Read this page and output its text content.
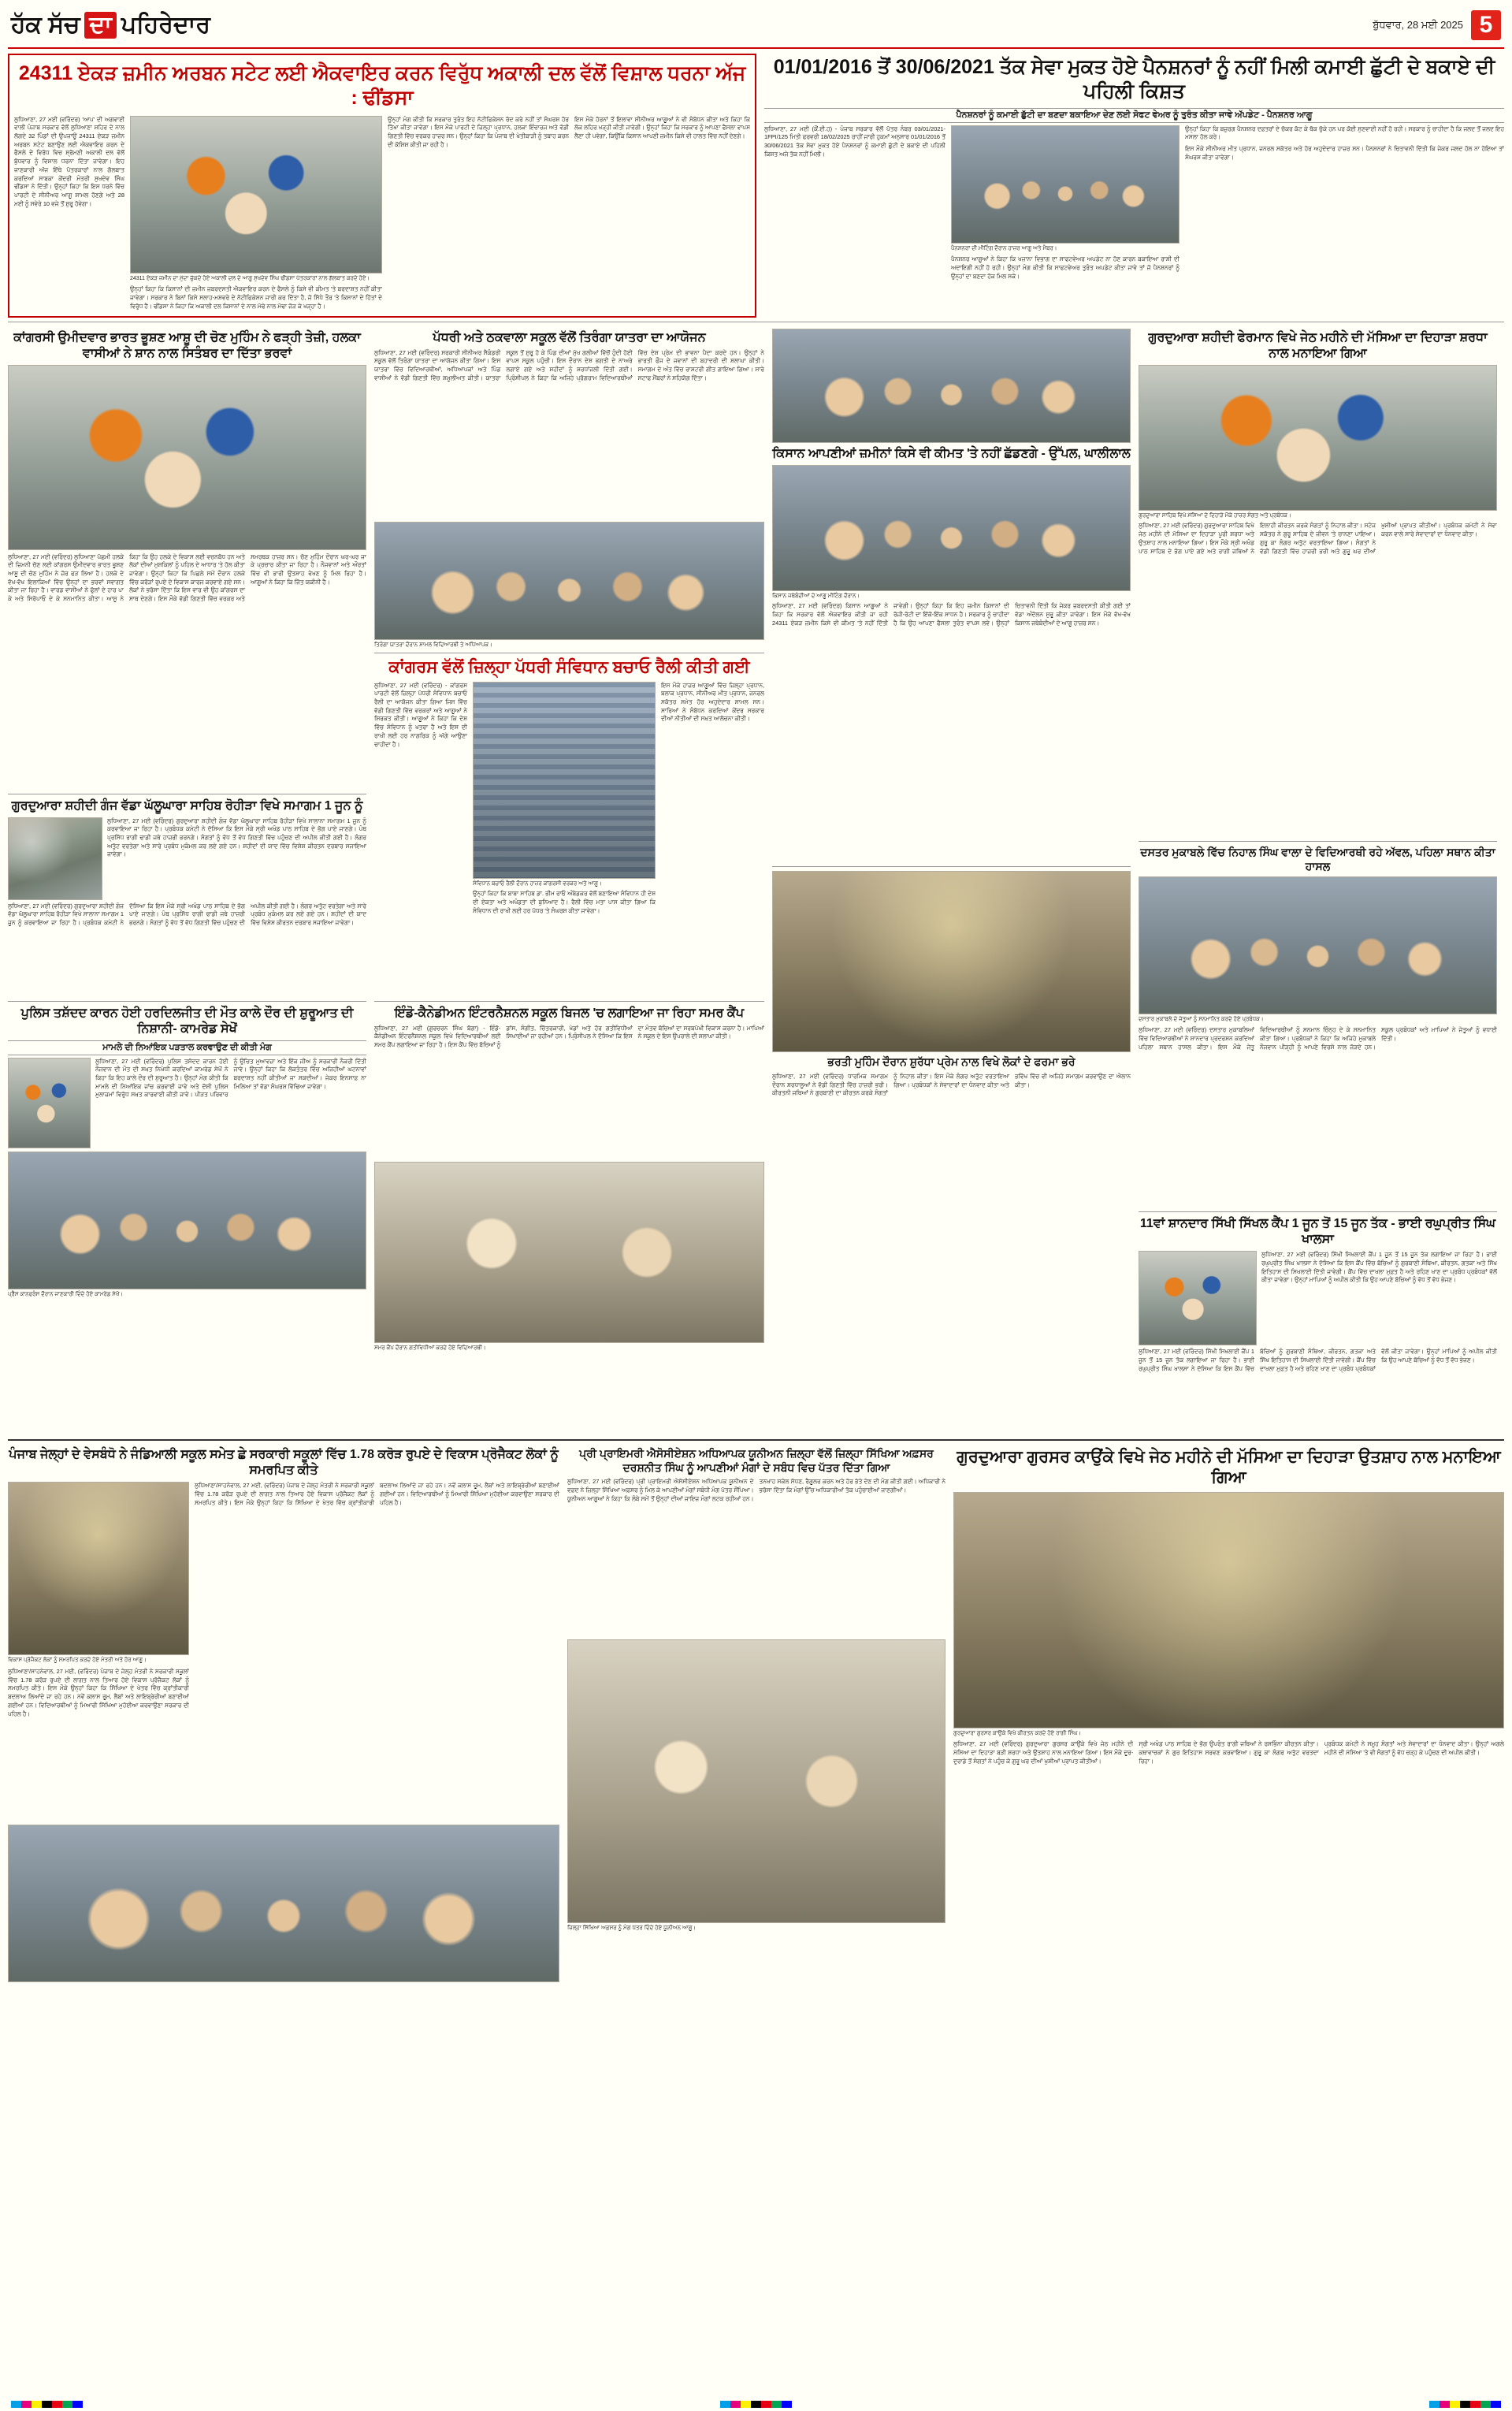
ਹੱਕ ਸੱਚ ਦਾ ਪਹਿਰੇਦਾਰ	ਬੁੱਧਵਾਰ, 28 ਮਈ 2025 5
24311 ਏਕੜ ਜ਼ਮੀਨ ਅਰਬਨ ਸਟੇਟ ਲਈ ਐਕਵਾਇਰ ਕਰਨ ਵਿਰੁੱਧ ਅਕਾਲੀ ਦਲ ਵੱਲੋਂ ਵਿਸ਼ਾਲ ਧਰਨਾ ਅੱਜ : ਢੀਂਡਸਾ
ਲੁਧਿਆਣਾ, 27 ਮਈ (ਵਰਿੰਦਰ) 'ਆਪ' ਦੀ ਅਗਵਾਈ ਵਾਲੀ ਪੰਜਾਬ ਸਰਕਾਰ ਵੱਲੋਂ ਲੁਧਿਆਣਾ ਸ਼ਹਿਰ ਦੇ ਨਾਲ ਲੱਗਦੇ 32 ਪਿੰਡਾਂ ਦੀ ਉਪਜਾਊ 24311 ਏਕੜ ਜ਼ਮੀਨ ਅਰਬਨ ਸਟੇਟ ਬਣਾਉਣ ਲਈ ਐਕਵਾਇਰ ਕਰਨ ਦੇ ਫੈਸਲੇ ਦੇ ਵਿਰੋਧ ਵਿਚ ਸ਼੍ਰੋਮਣੀ ਅਕਾਲੀ ਦਲ ਵੱਲੋਂ ਬੁੱਧਵਾਰ ਨੂੰ ਵਿਸ਼ਾਲ ਧਰਨਾ ਦਿੱਤਾ ਜਾਵੇਗਾ। ਇਹ ਜਾਣਕਾਰੀ ਅੱਜ ਇੱਥੇ ਪੱਤਰਕਾਰਾਂ ਨਾਲ ਗੱਲਬਾਤ ਕਰਦਿਆਂ ਸਾਬਕਾ ਕੇਂਦਰੀ ਮੰਤਰੀ ਸੁਖਦੇਵ ਸਿੰਘ ਢੀਂਡਸਾ ਨੇ ਦਿੱਤੀ। ਉਨ੍ਹਾਂ ਕਿਹਾ ਕਿ ਇਸ ਧਰਨੇ ਵਿੱਚ ਪਾਰਟੀ ਦੇ ਸੀਨੀਅਰ ਆਗੂ ਸ਼ਾਮਲ ਹੋਣਗੇ ਅਤੇ 28 ਮਈ ਨੂੰ ਸਵੇਰੇ 10 ਵਜੇ ਤੋਂ ਸ਼ੁਰੂ ਹੋਵੇਗਾ।
24311 ਏਕੜ ਜ਼ਮੀਨ ਦਾ ਮੁੱਦਾ ਚੁੱਕਦੇ ਹੋਏ ਅਕਾਲੀ ਦਲ ਦੇ ਆਗੂ ਸੁਖਦੇਵ ਸਿੰਘ ਢੀਂਡਸਾ ਪੱਤਰਕਾਰਾਂ ਨਾਲ ਗੱਲਬਾਤ ਕਰਦੇ ਹੋਏ।
ਉਨ੍ਹਾਂ ਕਿਹਾ ਕਿ ਕਿਸਾਨਾਂ ਦੀ ਜ਼ਮੀਨ ਜ਼ਬਰਦਸਤੀ ਐਕਵਾਇਰ ਕਰਨ ਦੇ ਫੈਸਲੇ ਨੂੰ ਕਿਸੇ ਵੀ ਕੀਮਤ 'ਤੇ ਬਰਦਾਸ਼ਤ ਨਹੀਂ ਕੀਤਾ ਜਾਵੇਗਾ। ਸਰਕਾਰ ਨੇ ਬਿਨਾਂ ਕਿਸੇ ਸਲਾਹ-ਮਸ਼ਵਰੇ ਦੇ ਨੋਟੀਫਿਕੇਸ਼ਨ ਜਾਰੀ ਕਰ ਦਿੱਤਾ ਹੈ, ਜੋ ਸਿੱਧੇ ਤੌਰ 'ਤੇ ਕਿਸਾਨਾਂ ਦੇ ਹਿੱਤਾਂ ਦੇ ਵਿਰੁੱਧ ਹੈ। ਢੀਂਡਸਾ ਨੇ ਕਿਹਾ ਕਿ ਅਕਾਲੀ ਦਲ ਕਿਸਾਨਾਂ ਦੇ ਨਾਲ ਮੋਢੇ ਨਾਲ ਮੋਢਾ ਜੋੜ ਕੇ ਖੜ੍ਹਾ ਹੈ।
ਉਨ੍ਹਾਂ ਮੰਗ ਕੀਤੀ ਕਿ ਸਰਕਾਰ ਤੁਰੰਤ ਇਹ ਨੋਟੀਫਿਕੇਸ਼ਨ ਰੱਦ ਕਰੇ ਨਹੀਂ ਤਾਂ ਸੰਘਰਸ਼ ਹੋਰ ਤਿੱਖਾ ਕੀਤਾ ਜਾਵੇਗਾ। ਇਸ ਮੌਕੇ ਪਾਰਟੀ ਦੇ ਜ਼ਿਲ੍ਹਾ ਪ੍ਰਧਾਨ, ਹਲਕਾ ਇੰਚਾਰਜ ਅਤੇ ਵੱਡੀ ਗਿਣਤੀ ਵਿੱਚ ਵਰਕਰ ਹਾਜ਼ਰ ਸਨ। ਉਨ੍ਹਾਂ ਕਿਹਾ ਕਿ ਪੰਜਾਬ ਦੀ ਖੇਤੀਬਾੜੀ ਨੂੰ ਤਬਾਹ ਕਰਨ ਦੀ ਕੋਸ਼ਿਸ਼ ਕੀਤੀ ਜਾ ਰਹੀ ਹੈ।
ਇਸ ਮੌਕੇ ਹੋਰਨਾਂ ਤੋਂ ਇਲਾਵਾ ਸੀਨੀਅਰ ਆਗੂਆਂ ਨੇ ਵੀ ਸੰਬੋਧਨ ਕੀਤਾ ਅਤੇ ਕਿਹਾ ਕਿ ਲੋਕ ਲਹਿਰ ਖੜ੍ਹੀ ਕੀਤੀ ਜਾਵੇਗੀ। ਉਨ੍ਹਾਂ ਕਿਹਾ ਕਿ ਸਰਕਾਰ ਨੂੰ ਆਪਣਾ ਫੈਸਲਾ ਵਾਪਸ ਲੈਣਾ ਹੀ ਪਵੇਗਾ, ਕਿਉਂਕਿ ਕਿਸਾਨ ਆਪਣੀ ਜ਼ਮੀਨ ਕਿਸੇ ਵੀ ਹਾਲਤ ਵਿੱਚ ਨਹੀਂ ਦੇਣਗੇ।
01/01/2016 ਤੋਂ 30/06/2021 ਤੱਕ ਸੇਵਾ ਮੁਕਤ ਹੋਏ ਪੈਨਸ਼ਨਰਾਂ ਨੂੰ ਨਹੀਂ ਮਿਲੀ ਕਮਾਈ ਛੁੱਟੀ ਦੇ ਬਕਾਏ ਦੀ ਪਹਿਲੀ ਕਿਸ਼ਤ
ਪੈਨਸ਼ਨਰਾਂ ਨੂੰ ਕਮਾਈ ਛੁੱਟੀ ਦਾ ਬਣਦਾ ਬਕਾਇਆ ਦੇਣ ਲਈ ਸੋਫਟ ਵੇਅਰ ਨੂੰ ਤੁਰੰਤ ਕੀਤਾ ਜਾਵੇ ਅੱਪਡੇਟ - ਪੈਨਸ਼ਨਰ ਆਗੂ
ਲੁਧਿਆਣਾ, 27 ਮਈ (ਕੌਂ.ਈ.ਹ) - ਪੰਜਾਬ ਸਰਕਾਰ ਵੱਲੋਂ ਪੱਤਰ ਨੰਬਰ 03/01/2021-1FPI/125 ਮਿਤੀ ਫਰਵਰੀ 18/02/2025 ਰਾਹੀਂ ਜਾਰੀ ਹੁਕਮਾਂ ਅਨੁਸਾਰ 01/01/2016 ਤੋਂ 30/06/2021 ਤੱਕ ਸੇਵਾ ਮੁਕਤ ਹੋਏ ਪੈਨਸ਼ਨਰਾਂ ਨੂੰ ਕਮਾਈ ਛੁੱਟੀ ਦੇ ਬਕਾਏ ਦੀ ਪਹਿਲੀ ਕਿਸ਼ਤ ਅਜੇ ਤੱਕ ਨਹੀਂ ਮਿਲੀ।
ਪੈਨਸ਼ਨਰਾਂ ਦੀ ਮੀਟਿੰਗ ਦੌਰਾਨ ਹਾਜ਼ਰ ਆਗੂ ਅਤੇ ਮੈਂਬਰ।
ਪੈਨਸ਼ਨਰ ਆਗੂਆਂ ਨੇ ਕਿਹਾ ਕਿ ਖਜ਼ਾਨਾ ਵਿਭਾਗ ਦਾ ਸਾਫਟਵੇਅਰ ਅਪਡੇਟ ਨਾ ਹੋਣ ਕਾਰਨ ਬਕਾਇਆ ਰਾਸ਼ੀ ਦੀ ਅਦਾਇਗੀ ਨਹੀਂ ਹੋ ਰਹੀ। ਉਨ੍ਹਾਂ ਮੰਗ ਕੀਤੀ ਕਿ ਸਾਫਟਵੇਅਰ ਤੁਰੰਤ ਅਪਡੇਟ ਕੀਤਾ ਜਾਵੇ ਤਾਂ ਜੋ ਪੈਨਸ਼ਨਰਾਂ ਨੂੰ ਉਨ੍ਹਾਂ ਦਾ ਬਣਦਾ ਹੱਕ ਮਿਲ ਸਕੇ।
ਉਨ੍ਹਾਂ ਕਿਹਾ ਕਿ ਬਜ਼ੁਰਗ ਪੈਨਸ਼ਨਰ ਦਫ਼ਤਰਾਂ ਦੇ ਚੱਕਰ ਕੱਟ ਕੇ ਥੱਕ ਚੁੱਕੇ ਹਨ ਪਰ ਕੋਈ ਸੁਣਵਾਈ ਨਹੀਂ ਹੋ ਰਹੀ। ਸਰਕਾਰ ਨੂੰ ਚਾਹੀਦਾ ਹੈ ਕਿ ਜਲਦ ਤੋਂ ਜਲਦ ਇਹ ਮਸਲਾ ਹੱਲ ਕਰੇ।
ਇਸ ਮੌਕੇ ਸੀਨੀਅਰ ਮੀਤ ਪ੍ਰਧਾਨ, ਜਨਰਲ ਸਕੱਤਰ ਅਤੇ ਹੋਰ ਅਹੁਦੇਦਾਰ ਹਾਜ਼ਰ ਸਨ। ਪੈਨਸ਼ਨਰਾਂ ਨੇ ਚਿਤਾਵਨੀ ਦਿੱਤੀ ਕਿ ਜੇਕਰ ਜਲਦ ਹੱਲ ਨਾ ਹੋਇਆ ਤਾਂ ਸੰਘਰਸ਼ ਕੀਤਾ ਜਾਵੇਗਾ।
ਕਾਂਗਰਸੀ ਉਮੀਦਵਾਰ ਭਾਰਤ ਭੂਸ਼ਣ ਆਸ਼ੂ ਦੀ ਚੋਣ ਮੁਹਿੰਮ ਨੇ ਫੜ੍ਹੀ ਤੇਜ਼ੀ, ਹਲਕਾ ਵਾਸੀਆਂ ਨੇ ਸ਼ਾਨ ਨਾਲ ਸਿਤੰਬਰ ਦਾ ਦਿੱਤਾ ਭਰਵਾਂ
ਲੁਧਿਆਣਾ, 27 ਮਈ (ਵਰਿੰਦਰ) ਲੁਧਿਆਣਾ ਪੱਛਮੀ ਹਲਕੇ ਦੀ ਜ਼ਿਮਨੀ ਚੋਣ ਲਈ ਕਾਂਗਰਸ ਉਮੀਦਵਾਰ ਭਾਰਤ ਭੂਸ਼ਣ ਆਸ਼ੂ ਦੀ ਚੋਣ ਮੁਹਿੰਮ ਨੇ ਜ਼ੋਰ ਫੜ ਲਿਆ ਹੈ। ਹਲਕੇ ਦੇ ਵੱਖ-ਵੱਖ ਇਲਾਕਿਆਂ ਵਿੱਚ ਉਨ੍ਹਾਂ ਦਾ ਭਰਵਾਂ ਸਵਾਗਤ ਕੀਤਾ ਜਾ ਰਿਹਾ ਹੈ। ਵਾਰਡ ਵਾਸੀਆਂ ਨੇ ਫੁੱਲਾਂ ਦੇ ਹਾਰ ਪਾ ਕੇ ਅਤੇ ਸਿਰੋਪਾਓ ਦੇ ਕੇ ਸਨਮਾਨਿਤ ਕੀਤਾ। ਆਸ਼ੂ ਨੇ ਕਿਹਾ ਕਿ ਉਹ ਹਲਕੇ ਦੇ ਵਿਕਾਸ ਲਈ ਵਚਨਬੱਧ ਹਨ ਅਤੇ ਲੋਕਾਂ ਦੀਆਂ ਮੁਸ਼ਕਿਲਾਂ ਨੂੰ ਪਹਿਲ ਦੇ ਆਧਾਰ 'ਤੇ ਹੱਲ ਕੀਤਾ ਜਾਵੇਗਾ। ਉਨ੍ਹਾਂ ਕਿਹਾ ਕਿ ਪਿਛਲੇ ਸਮੇਂ ਦੌਰਾਨ ਹਲਕੇ ਵਿੱਚ ਕਰੋੜਾਂ ਰੁਪਏ ਦੇ ਵਿਕਾਸ ਕਾਰਜ ਕਰਵਾਏ ਗਏ ਸਨ। ਲੋਕਾਂ ਨੇ ਭਰੋਸਾ ਦਿੱਤਾ ਕਿ ਇਸ ਵਾਰ ਵੀ ਉਹ ਕਾਂਗਰਸ ਦਾ ਸਾਥ ਦੇਣਗੇ। ਇਸ ਮੌਕੇ ਵੱਡੀ ਗਿਣਤੀ ਵਿੱਚ ਵਰਕਰ ਅਤੇ ਸਮਰਥਕ ਹਾਜ਼ਰ ਸਨ। ਚੋਣ ਮੁਹਿੰਮ ਦੌਰਾਨ ਘਰ-ਘਰ ਜਾ ਕੇ ਪ੍ਰਚਾਰ ਕੀਤਾ ਜਾ ਰਿਹਾ ਹੈ। ਨੌਜਵਾਨਾਂ ਅਤੇ ਔਰਤਾਂ ਵਿੱਚ ਵੀ ਭਾਰੀ ਉਤਸ਼ਾਹ ਵੇਖਣ ਨੂੰ ਮਿਲ ਰਿਹਾ ਹੈ। ਆਗੂਆਂ ਨੇ ਕਿਹਾ ਕਿ ਜਿੱਤ ਯਕੀਨੀ ਹੈ।
ਗੁਰਦੁਆਰਾ ਸ਼ਹੀਦੀ ਗੰਜ ਵੱਡਾ ਘੱਲੂਘਾਰਾ ਸਾਹਿਬ ਰੋਹੀੜਾ ਵਿਖੇ ਸਮਾਗਮ 1 ਜੂਨ ਨੂੰ
ਲੁਧਿਆਣਾ, 27 ਮਈ (ਵਰਿੰਦਰ) ਗੁਰਦੁਆਰਾ ਸ਼ਹੀਦੀ ਗੰਜ ਵੱਡਾ ਘੱਲੂਘਾਰਾ ਸਾਹਿਬ ਰੋਹੀੜਾ ਵਿਖੇ ਸਾਲਾਨਾ ਸਮਾਗਮ 1 ਜੂਨ ਨੂੰ ਕਰਵਾਇਆ ਜਾ ਰਿਹਾ ਹੈ। ਪ੍ਰਬੰਧਕ ਕਮੇਟੀ ਨੇ ਦੱਸਿਆ ਕਿ ਇਸ ਮੌਕੇ ਸ੍ਰੀ ਅਖੰਡ ਪਾਠ ਸਾਹਿਬ ਦੇ ਭੋਗ ਪਾਏ ਜਾਣਗੇ। ਪੰਥ ਪ੍ਰਸਿੱਧ ਰਾਗੀ ਢਾਡੀ ਜਥੇ ਹਾਜ਼ਰੀ ਭਰਨਗੇ। ਸੰਗਤਾਂ ਨੂੰ ਵੱਧ ਤੋਂ ਵੱਧ ਗਿਣਤੀ ਵਿੱਚ ਪਹੁੰਚਣ ਦੀ ਅਪੀਲ ਕੀਤੀ ਗਈ ਹੈ। ਲੰਗਰ ਅਤੁੱਟ ਵਰਤੇਗਾ ਅਤੇ ਸਾਰੇ ਪ੍ਰਬੰਧ ਮੁਕੰਮਲ ਕਰ ਲਏ ਗਏ ਹਨ। ਸ਼ਹੀਦਾਂ ਦੀ ਯਾਦ ਵਿੱਚ ਵਿਸ਼ੇਸ਼ ਕੀਰਤਨ ਦਰਬਾਰ ਸਜਾਇਆ ਜਾਵੇਗਾ।
ਲੁਧਿਆਣਾ, 27 ਮਈ (ਵਰਿੰਦਰ) ਗੁਰਦੁਆਰਾ ਸ਼ਹੀਦੀ ਗੰਜ ਵੱਡਾ ਘੱਲੂਘਾਰਾ ਸਾਹਿਬ ਰੋਹੀੜਾ ਵਿਖੇ ਸਾਲਾਨਾ ਸਮਾਗਮ 1 ਜੂਨ ਨੂੰ ਕਰਵਾਇਆ ਜਾ ਰਿਹਾ ਹੈ। ਪ੍ਰਬੰਧਕ ਕਮੇਟੀ ਨੇ ਦੱਸਿਆ ਕਿ ਇਸ ਮੌਕੇ ਸ੍ਰੀ ਅਖੰਡ ਪਾਠ ਸਾਹਿਬ ਦੇ ਭੋਗ ਪਾਏ ਜਾਣਗੇ। ਪੰਥ ਪ੍ਰਸਿੱਧ ਰਾਗੀ ਢਾਡੀ ਜਥੇ ਹਾਜ਼ਰੀ ਭਰਨਗੇ। ਸੰਗਤਾਂ ਨੂੰ ਵੱਧ ਤੋਂ ਵੱਧ ਗਿਣਤੀ ਵਿੱਚ ਪਹੁੰਚਣ ਦੀ ਅਪੀਲ ਕੀਤੀ ਗਈ ਹੈ। ਲੰਗਰ ਅਤੁੱਟ ਵਰਤੇਗਾ ਅਤੇ ਸਾਰੇ ਪ੍ਰਬੰਧ ਮੁਕੰਮਲ ਕਰ ਲਏ ਗਏ ਹਨ। ਸ਼ਹੀਦਾਂ ਦੀ ਯਾਦ ਵਿੱਚ ਵਿਸ਼ੇਸ਼ ਕੀਰਤਨ ਦਰਬਾਰ ਸਜਾਇਆ ਜਾਵੇਗਾ।
ਪੁਲਿਸ ਤਸ਼ੱਦਦ ਕਾਰਨ ਹੋਈ ਹਰਦਿਲਜੀਤ ਦੀ ਮੌਤ ਕਾਲੇ ਦੌਰ ਦੀ ਸ਼ੁਰੂਆਤ ਦੀ ਨਿਸ਼ਾਨੀ- ਕਾਮਰੇਡ ਸੇਖੋਂ
ਮਾਮਲੇ ਦੀ ਨਿਆਂਇਕ ਪੜਤਾਲ ਕਰਵਾਉਣ ਦੀ ਕੀਤੀ ਮੰਗ
ਲੁਧਿਆਣਾ, 27 ਮਈ (ਵਰਿੰਦਰ) ਪੁਲਿਸ ਤਸ਼ੱਦਦ ਕਾਰਨ ਹੋਈ ਨੌਜਵਾਨ ਦੀ ਮੌਤ ਦੀ ਸਖ਼ਤ ਨਿਖੇਧੀ ਕਰਦਿਆਂ ਕਾਮਰੇਡ ਸੇਖੋਂ ਨੇ ਕਿਹਾ ਕਿ ਇਹ ਕਾਲੇ ਦੌਰ ਦੀ ਸ਼ੁਰੂਆਤ ਹੈ। ਉਨ੍ਹਾਂ ਮੰਗ ਕੀਤੀ ਕਿ ਮਾਮਲੇ ਦੀ ਨਿਆਂਇਕ ਜਾਂਚ ਕਰਵਾਈ ਜਾਵੇ ਅਤੇ ਦੋਸ਼ੀ ਪੁਲਿਸ ਮੁਲਾਜ਼ਮਾਂ ਵਿਰੁੱਧ ਸਖ਼ਤ ਕਾਰਵਾਈ ਕੀਤੀ ਜਾਵੇ। ਪੀੜਤ ਪਰਿਵਾਰ ਨੂੰ ਉਚਿਤ ਮੁਆਵਜ਼ਾ ਅਤੇ ਇੱਕ ਜੀਅ ਨੂੰ ਸਰਕਾਰੀ ਨੌਕਰੀ ਦਿੱਤੀ ਜਾਵੇ। ਉਨ੍ਹਾਂ ਕਿਹਾ ਕਿ ਲੋਕਤੰਤਰ ਵਿੱਚ ਅਜਿਹੀਆਂ ਘਟਨਾਵਾਂ ਬਰਦਾਸ਼ਤ ਨਹੀਂ ਕੀਤੀਆਂ ਜਾ ਸਕਦੀਆਂ। ਜੇਕਰ ਇਨਸਾਫ਼ ਨਾ ਮਿਲਿਆ ਤਾਂ ਵੱਡਾ ਸੰਘਰਸ਼ ਵਿੱਢਿਆ ਜਾਵੇਗਾ।
ਪ੍ਰੈੱਸ ਕਾਨਫਰੰਸ ਦੌਰਾਨ ਜਾਣਕਾਰੀ ਦਿੰਦੇ ਹੋਏ ਕਾਮਰੇਡ ਸੇਖੋਂ।
ਪੱਧਰੀ ਅਤੇ ਠਕਵਾਲਾ ਸਕੂਲ ਵੱਲੋਂ ਤਿਰੰਗਾ ਯਾਤਰਾ ਦਾ ਆਯੋਜਨ
ਲੁਧਿਆਣਾ, 27 ਮਈ (ਵਰਿੰਦਰ) ਸਰਕਾਰੀ ਸੀਨੀਅਰ ਸੈਕੰਡਰੀ ਸਕੂਲ ਵੱਲੋਂ ਤਿਰੰਗਾ ਯਾਤਰਾ ਦਾ ਆਯੋਜਨ ਕੀਤਾ ਗਿਆ। ਇਸ ਯਾਤਰਾ ਵਿੱਚ ਵਿਦਿਆਰਥੀਆਂ, ਅਧਿਆਪਕਾਂ ਅਤੇ ਪਿੰਡ ਵਾਸੀਆਂ ਨੇ ਵੱਡੀ ਗਿਣਤੀ ਵਿੱਚ ਸ਼ਮੂਲੀਅਤ ਕੀਤੀ। ਯਾਤਰਾ ਸਕੂਲ ਤੋਂ ਸ਼ੁਰੂ ਹੋ ਕੇ ਪਿੰਡ ਦੀਆਂ ਮੁੱਖ ਗਲੀਆਂ ਵਿੱਚੋਂ ਹੁੰਦੀ ਹੋਈ ਵਾਪਸ ਸਕੂਲ ਪਹੁੰਚੀ। ਇਸ ਦੌਰਾਨ ਦੇਸ਼ ਭਗਤੀ ਦੇ ਨਾਅਰੇ ਲਗਾਏ ਗਏ ਅਤੇ ਸ਼ਹੀਦਾਂ ਨੂੰ ਸ਼ਰਧਾਂਜਲੀ ਦਿੱਤੀ ਗਈ। ਪ੍ਰਿੰਸੀਪਲ ਨੇ ਕਿਹਾ ਕਿ ਅਜਿਹੇ ਪ੍ਰੋਗਰਾਮ ਵਿਦਿਆਰਥੀਆਂ ਵਿੱਚ ਦੇਸ਼ ਪ੍ਰੇਮ ਦੀ ਭਾਵਨਾ ਪੈਦਾ ਕਰਦੇ ਹਨ। ਉਨ੍ਹਾਂ ਨੇ ਭਾਰਤੀ ਫੌਜ ਦੇ ਜਵਾਨਾਂ ਦੀ ਬਹਾਦਰੀ ਦੀ ਸ਼ਲਾਘਾ ਕੀਤੀ। ਸਮਾਗਮ ਦੇ ਅੰਤ ਵਿੱਚ ਰਾਸ਼ਟਰੀ ਗੀਤ ਗਾਇਆ ਗਿਆ। ਸਾਰੇ ਸਟਾਫ ਮੈਂਬਰਾਂ ਨੇ ਸਹਿਯੋਗ ਦਿੱਤਾ।
ਤਿਰੰਗਾ ਯਾਤਰਾ ਦੌਰਾਨ ਸ਼ਾਮਲ ਵਿਦਿਆਰਥੀ ਤੇ ਅਧਿਆਪਕ।
ਕਾਂਗਰਸ ਵੱਲੋਂ ਜ਼ਿਲ੍ਹਾ ਪੱਧਰੀ ਸੰਵਿਧਾਨ ਬਚਾਓ ਰੈਲੀ ਕੀਤੀ ਗਈ
ਲੁਧਿਆਣਾ, 27 ਮਈ (ਵਰਿੰਦਰ) - ਕਾਂਗਰਸ ਪਾਰਟੀ ਵੱਲੋਂ ਜ਼ਿਲ੍ਹਾ ਪੱਧਰੀ ਸੰਵਿਧਾਨ ਬਚਾਓ ਰੈਲੀ ਦਾ ਆਯੋਜਨ ਕੀਤਾ ਗਿਆ ਜਿਸ ਵਿੱਚ ਵੱਡੀ ਗਿਣਤੀ ਵਿੱਚ ਵਰਕਰਾਂ ਅਤੇ ਆਗੂਆਂ ਨੇ ਸ਼ਿਰਕਤ ਕੀਤੀ। ਆਗੂਆਂ ਨੇ ਕਿਹਾ ਕਿ ਦੇਸ਼ ਵਿੱਚ ਸੰਵਿਧਾਨ ਨੂੰ ਖਤਰਾ ਹੈ ਅਤੇ ਇਸ ਦੀ ਰਾਖੀ ਲਈ ਹਰ ਨਾਗਰਿਕ ਨੂੰ ਅੱਗੇ ਆਉਣਾ ਚਾਹੀਦਾ ਹੈ।
ਸੰਵਿਧਾਨ ਬਚਾਓ ਰੈਲੀ ਦੌਰਾਨ ਹਾਜ਼ਰ ਕਾਂਗਰਸੀ ਵਰਕਰ ਅਤੇ ਆਗੂ।
ਉਨ੍ਹਾਂ ਕਿਹਾ ਕਿ ਬਾਬਾ ਸਾਹਿਬ ਡਾ. ਭੀਮ ਰਾਓ ਅੰਬੇਡਕਰ ਵੱਲੋਂ ਬਣਾਇਆ ਸੰਵਿਧਾਨ ਹੀ ਦੇਸ਼ ਦੀ ਏਕਤਾ ਅਤੇ ਅਖੰਡਤਾ ਦੀ ਬੁਨਿਆਦ ਹੈ। ਰੈਲੀ ਵਿੱਚ ਮਤਾ ਪਾਸ ਕੀਤਾ ਗਿਆ ਕਿ ਸੰਵਿਧਾਨ ਦੀ ਰਾਖੀ ਲਈ ਹਰ ਪੱਧਰ 'ਤੇ ਸੰਘਰਸ਼ ਕੀਤਾ ਜਾਵੇਗਾ।
ਇਸ ਮੌਕੇ ਹਾਜ਼ਰ ਆਗੂਆਂ ਵਿੱਚ ਜ਼ਿਲ੍ਹਾ ਪ੍ਰਧਾਨ, ਬਲਾਕ ਪ੍ਰਧਾਨ, ਸੀਨੀਅਰ ਮੀਤ ਪ੍ਰਧਾਨ, ਜਨਰਲ ਸਕੱਤਰ ਸਮੇਤ ਹੋਰ ਅਹੁਦੇਦਾਰ ਸ਼ਾਮਲ ਸਨ। ਸਾਰਿਆਂ ਨੇ ਸੰਬੋਧਨ ਕਰਦਿਆਂ ਕੇਂਦਰ ਸਰਕਾਰ ਦੀਆਂ ਨੀਤੀਆਂ ਦੀ ਸਖ਼ਤ ਆਲੋਚਨਾ ਕੀਤੀ।
ਇੰਡੋ-ਕੈਨੇਡੀਅਨ ਇੰਟਰਨੈਸ਼ਨਲ ਸਕੂਲ ਬਿਜਲ 'ਚ ਲਗਾਇਆ ਜਾ ਰਿਹਾ ਸਮਰ ਕੈਂਪ
ਲੁਧਿਆਣਾ, 27 ਮਈ (ਗੁਰਚਰਨ ਸਿੰਘ ਬੱਗਾ) - ਇੰਡੋ-ਕੈਨੇਡੀਅਨ ਇੰਟਰਨੈਸ਼ਨਲ ਸਕੂਲ ਵਿਖੇ ਵਿਦਿਆਰਥੀਆਂ ਲਈ ਸਮਰ ਕੈਂਪ ਲਗਾਇਆ ਜਾ ਰਿਹਾ ਹੈ। ਇਸ ਕੈਂਪ ਵਿੱਚ ਬੱਚਿਆਂ ਨੂੰ ਡਾਂਸ, ਸੰਗੀਤ, ਚਿੱਤਰਕਾਰੀ, ਖੇਡਾਂ ਅਤੇ ਹੋਰ ਗਤੀਵਿਧੀਆਂ ਸਿਖਾਈਆਂ ਜਾ ਰਹੀਆਂ ਹਨ। ਪ੍ਰਿੰਸੀਪਲ ਨੇ ਦੱਸਿਆ ਕਿ ਇਸ ਦਾ ਮੰਤਵ ਬੱਚਿਆਂ ਦਾ ਸਰਬਪੱਖੀ ਵਿਕਾਸ ਕਰਨਾ ਹੈ। ਮਾਪਿਆਂ ਨੇ ਸਕੂਲ ਦੇ ਇਸ ਉਪਰਾਲੇ ਦੀ ਸ਼ਲਾਘਾ ਕੀਤੀ।
ਸਮਰ ਕੈਂਪ ਦੌਰਾਨ ਗਤੀਵਿਧੀਆਂ ਕਰਦੇ ਹੋਏ ਵਿਦਿਆਰਥੀ।
ਕਿਸਾਨ ਆਪਣੀਆਂ ਜ਼ਮੀਨਾਂ ਕਿਸੇ ਵੀ ਕੀਮਤ 'ਤੇ ਨਹੀਂ ਛੱਡਣਗੇ - ਉੱਪਲ, ਘਾਲੀਲਾਲ
ਕਿਸਾਨ ਜਥੇਬੰਦੀਆਂ ਦੇ ਆਗੂ ਮੀਟਿੰਗ ਦੌਰਾਨ।
ਲੁਧਿਆਣਾ, 27 ਮਈ (ਵਰਿੰਦਰ) ਕਿਸਾਨ ਆਗੂਆਂ ਨੇ ਕਿਹਾ ਕਿ ਸਰਕਾਰ ਵੱਲੋਂ ਐਕਵਾਇਰ ਕੀਤੀ ਜਾ ਰਹੀ 24311 ਏਕੜ ਜ਼ਮੀਨ ਕਿਸੇ ਵੀ ਕੀਮਤ 'ਤੇ ਨਹੀਂ ਦਿੱਤੀ ਜਾਵੇਗੀ। ਉਨ੍ਹਾਂ ਕਿਹਾ ਕਿ ਇਹ ਜ਼ਮੀਨ ਕਿਸਾਨਾਂ ਦੀ ਰੋਜ਼ੀ-ਰੋਟੀ ਦਾ ਇੱਕੋ-ਇੱਕ ਸਾਧਨ ਹੈ। ਸਰਕਾਰ ਨੂੰ ਚਾਹੀਦਾ ਹੈ ਕਿ ਉਹ ਆਪਣਾ ਫੈਸਲਾ ਤੁਰੰਤ ਵਾਪਸ ਲਵੇ। ਉਨ੍ਹਾਂ ਚਿਤਾਵਨੀ ਦਿੱਤੀ ਕਿ ਜੇਕਰ ਜ਼ਬਰਦਸਤੀ ਕੀਤੀ ਗਈ ਤਾਂ ਵੱਡਾ ਅੰਦੋਲਨ ਸ਼ੁਰੂ ਕੀਤਾ ਜਾਵੇਗਾ। ਇਸ ਮੌਕੇ ਵੱਖ-ਵੱਖ ਕਿਸਾਨ ਜਥੇਬੰਦੀਆਂ ਦੇ ਆਗੂ ਹਾਜ਼ਰ ਸਨ।
ਭਰਤੀ ਮੁਹਿੰਮ ਦੌਰਾਨ ਸ਼ੁਰੱਧਾ ਪ੍ਰੇਮ ਨਾਲ ਵਿਖੇ ਲੋਕਾਂ ਦੇ ਫਰਮਾ ਭਰੇ
ਲੁਧਿਆਣਾ, 27 ਮਈ (ਵਰਿੰਦਰ) ਧਾਰਮਿਕ ਸਮਾਗਮ ਦੌਰਾਨ ਸ਼ਰਧਾਲੂਆਂ ਨੇ ਵੱਡੀ ਗਿਣਤੀ ਵਿੱਚ ਹਾਜ਼ਰੀ ਭਰੀ। ਕੀਰਤਨੀ ਜਥਿਆਂ ਨੇ ਗੁਰਬਾਣੀ ਦਾ ਕੀਰਤਨ ਕਰਕੇ ਸੰਗਤਾਂ ਨੂੰ ਨਿਹਾਲ ਕੀਤਾ। ਇਸ ਮੌਕੇ ਲੰਗਰ ਅਤੁੱਟ ਵਰਤਾਇਆ ਗਿਆ। ਪ੍ਰਬੰਧਕਾਂ ਨੇ ਸੇਵਾਦਾਰਾਂ ਦਾ ਧੰਨਵਾਦ ਕੀਤਾ ਅਤੇ ਭਵਿੱਖ ਵਿੱਚ ਵੀ ਅਜਿਹੇ ਸਮਾਗਮ ਕਰਵਾਉਣ ਦਾ ਐਲਾਨ ਕੀਤਾ।
ਗੁਰਦੁਆਰਾ ਸ਼ਹੀਦੀ ਫੇਰਮਾਨ ਵਿਖੇ ਜੇਠ ਮਹੀਨੇ ਦੀ ਮੱਸਿਆ ਦਾ ਦਿਹਾੜਾ ਸ਼ਰਧਾ ਨਾਲ ਮਨਾਇਆ ਗਿਆ
ਗੁਰਦੁਆਰਾ ਸਾਹਿਬ ਵਿਖੇ ਮੱਸਿਆ ਦੇ ਦਿਹਾੜੇ ਮੌਕੇ ਹਾਜ਼ਰ ਸੰਗਤ ਅਤੇ ਪ੍ਰਬੰਧਕ।
ਲੁਧਿਆਣਾ, 27 ਮਈ (ਵਰਿੰਦਰ) ਗੁਰਦੁਆਰਾ ਸਾਹਿਬ ਵਿਖੇ ਜੇਠ ਮਹੀਨੇ ਦੀ ਮੱਸਿਆ ਦਾ ਦਿਹਾੜਾ ਪੂਰੀ ਸ਼ਰਧਾ ਅਤੇ ਉਤਸ਼ਾਹ ਨਾਲ ਮਨਾਇਆ ਗਿਆ। ਇਸ ਮੌਕੇ ਸ੍ਰੀ ਅਖੰਡ ਪਾਠ ਸਾਹਿਬ ਦੇ ਭੋਗ ਪਾਏ ਗਏ ਅਤੇ ਰਾਗੀ ਜਥਿਆਂ ਨੇ ਇਲਾਹੀ ਕੀਰਤਨ ਕਰਕੇ ਸੰਗਤਾਂ ਨੂੰ ਨਿਹਾਲ ਕੀਤਾ। ਸਟੇਜ ਸਕੱਤਰ ਨੇ ਗੁਰੂ ਸਾਹਿਬ ਦੇ ਜੀਵਨ 'ਤੇ ਚਾਨਣਾ ਪਾਇਆ। ਗੁਰੂ ਕਾ ਲੰਗਰ ਅਤੁੱਟ ਵਰਤਾਇਆ ਗਿਆ। ਸੰਗਤਾਂ ਨੇ ਵੱਡੀ ਗਿਣਤੀ ਵਿੱਚ ਹਾਜ਼ਰੀ ਭਰੀ ਅਤੇ ਗੁਰੂ ਘਰ ਦੀਆਂ ਖੁਸ਼ੀਆਂ ਪ੍ਰਾਪਤ ਕੀਤੀਆਂ। ਪ੍ਰਬੰਧਕ ਕਮੇਟੀ ਨੇ ਸੇਵਾ ਕਰਨ ਵਾਲੇ ਸਾਰੇ ਸੇਵਾਦਾਰਾਂ ਦਾ ਧੰਨਵਾਦ ਕੀਤਾ।
ਦਸਤਰ ਮੁਕਾਬਲੇ ਵਿੱਚ ਨਿਹਾਲ ਸਿੰਘ ਵਾਲਾ ਦੇ ਵਿਦਿਆਰਥੀ ਰਹੇ ਅੱਵਲ, ਪਹਿਲਾ ਸਥਾਨ ਕੀਤਾ ਹਾਸਲ
ਦਸਤਾਰ ਮੁਕਾਬਲੇ ਦੇ ਜੇਤੂਆਂ ਨੂੰ ਸਨਮਾਨਿਤ ਕਰਦੇ ਹੋਏ ਪ੍ਰਬੰਧਕ।
ਲੁਧਿਆਣਾ, 27 ਮਈ (ਵਰਿੰਦਰ) ਦਸਤਾਰ ਮੁਕਾਬਲਿਆਂ ਵਿੱਚ ਵਿਦਿਆਰਥੀਆਂ ਨੇ ਸ਼ਾਨਦਾਰ ਪ੍ਰਦਰਸ਼ਨ ਕਰਦਿਆਂ ਪਹਿਲਾ ਸਥਾਨ ਹਾਸਲ ਕੀਤਾ। ਇਸ ਮੌਕੇ ਜੇਤੂ ਵਿਦਿਆਰਥੀਆਂ ਨੂੰ ਸਨਮਾਨ ਚਿੰਨ੍ਹ ਦੇ ਕੇ ਸਨਮਾਨਿਤ ਕੀਤਾ ਗਿਆ। ਪ੍ਰਬੰਧਕਾਂ ਨੇ ਕਿਹਾ ਕਿ ਅਜਿਹੇ ਮੁਕਾਬਲੇ ਨੌਜਵਾਨ ਪੀੜ੍ਹੀ ਨੂੰ ਆਪਣੇ ਵਿਰਸੇ ਨਾਲ ਜੋੜਦੇ ਹਨ। ਸਕੂਲ ਪ੍ਰਬੰਧਕਾਂ ਅਤੇ ਮਾਪਿਆਂ ਨੇ ਜੇਤੂਆਂ ਨੂੰ ਵਧਾਈ ਦਿੱਤੀ।
11ਵਾਂ ਸ਼ਾਨਦਾਰ ਸਿੱਖੀ ਸਿੱਖਲ ਕੈਂਪ 1 ਜੂਨ ਤੋਂ 15 ਜੂਨ ਤੱਕ - ਭਾਈ ਰਘੁਪ੍ਰੀਤ ਸਿੰਘ ਖਾਲਸਾ
ਲੁਧਿਆਣਾ, 27 ਮਈ (ਵਰਿੰਦਰ) ਸਿੱਖੀ ਸਿਖਲਾਈ ਕੈਂਪ 1 ਜੂਨ ਤੋਂ 15 ਜੂਨ ਤੱਕ ਲਗਾਇਆ ਜਾ ਰਿਹਾ ਹੈ। ਭਾਈ ਰਘੁਪ੍ਰੀਤ ਸਿੰਘ ਖਾਲਸਾ ਨੇ ਦੱਸਿਆ ਕਿ ਇਸ ਕੈਂਪ ਵਿੱਚ ਬੱਚਿਆਂ ਨੂੰ ਗੁਰਬਾਣੀ ਸੰਥਿਆ, ਕੀਰਤਨ, ਗਤਕਾ ਅਤੇ ਸਿੱਖ ਇਤਿਹਾਸ ਦੀ ਸਿਖਲਾਈ ਦਿੱਤੀ ਜਾਵੇਗੀ। ਕੈਂਪ ਵਿੱਚ ਦਾਖਲਾ ਮੁਫ਼ਤ ਹੈ ਅਤੇ ਰਹਿਣ ਖਾਣ ਦਾ ਪ੍ਰਬੰਧ ਪ੍ਰਬੰਧਕਾਂ ਵੱਲੋਂ ਕੀਤਾ ਜਾਵੇਗਾ। ਉਨ੍ਹਾਂ ਮਾਪਿਆਂ ਨੂੰ ਅਪੀਲ ਕੀਤੀ ਕਿ ਉਹ ਆਪਣੇ ਬੱਚਿਆਂ ਨੂੰ ਵੱਧ ਤੋਂ ਵੱਧ ਭੇਜਣ।
ਲੁਧਿਆਣਾ, 27 ਮਈ (ਵਰਿੰਦਰ) ਸਿੱਖੀ ਸਿਖਲਾਈ ਕੈਂਪ 1 ਜੂਨ ਤੋਂ 15 ਜੂਨ ਤੱਕ ਲਗਾਇਆ ਜਾ ਰਿਹਾ ਹੈ। ਭਾਈ ਰਘੁਪ੍ਰੀਤ ਸਿੰਘ ਖਾਲਸਾ ਨੇ ਦੱਸਿਆ ਕਿ ਇਸ ਕੈਂਪ ਵਿੱਚ ਬੱਚਿਆਂ ਨੂੰ ਗੁਰਬਾਣੀ ਸੰਥਿਆ, ਕੀਰਤਨ, ਗਤਕਾ ਅਤੇ ਸਿੱਖ ਇਤਿਹਾਸ ਦੀ ਸਿਖਲਾਈ ਦਿੱਤੀ ਜਾਵੇਗੀ। ਕੈਂਪ ਵਿੱਚ ਦਾਖਲਾ ਮੁਫ਼ਤ ਹੈ ਅਤੇ ਰਹਿਣ ਖਾਣ ਦਾ ਪ੍ਰਬੰਧ ਪ੍ਰਬੰਧਕਾਂ ਵੱਲੋਂ ਕੀਤਾ ਜਾਵੇਗਾ। ਉਨ੍ਹਾਂ ਮਾਪਿਆਂ ਨੂੰ ਅਪੀਲ ਕੀਤੀ ਕਿ ਉਹ ਆਪਣੇ ਬੱਚਿਆਂ ਨੂੰ ਵੱਧ ਤੋਂ ਵੱਧ ਭੇਜਣ।
ਪੰਜਾਬ ਜੇਲ੍ਹਾਂ ਦੇ ਵੇਸਬੰਧੋ ਨੇ ਜੰਡਿਆਲੀ ਸਕੂਲ ਸਮੇਤ ਛੇ ਸਰਕਾਰੀ ਸਕੂਲਾਂ ਵਿੱਚ 1.78 ਕਰੋੜ ਰੁਪਏ ਦੇ ਵਿਕਾਸ ਪ੍ਰੋਜੈਕਟ ਲੋਕਾਂ ਨੂੰ ਸਮਰਪਿਤ ਕੀਤੇ
ਵਿਕਾਸ ਪ੍ਰੋਜੈਕਟ ਲੋਕਾਂ ਨੂੰ ਸਮਰਪਿਤ ਕਰਦੇ ਹੋਏ ਮੰਤਰੀ ਅਤੇ ਹੋਰ ਆਗੂ।
ਲੁਧਿਆਣਾ/ਸਾਹਨੇਵਾਲ, 27 ਮਈ, (ਵਰਿੰਦਰ) ਪੰਜਾਬ ਦੇ ਜੇਲ੍ਹ ਮੰਤਰੀ ਨੇ ਸਰਕਾਰੀ ਸਕੂਲਾਂ ਵਿੱਚ 1.78 ਕਰੋੜ ਰੁਪਏ ਦੀ ਲਾਗਤ ਨਾਲ ਤਿਆਰ ਹੋਏ ਵਿਕਾਸ ਪ੍ਰੋਜੈਕਟ ਲੋਕਾਂ ਨੂੰ ਸਮਰਪਿਤ ਕੀਤੇ। ਇਸ ਮੌਕੇ ਉਨ੍ਹਾਂ ਕਿਹਾ ਕਿ ਸਿੱਖਿਆ ਦੇ ਖੇਤਰ ਵਿੱਚ ਕ੍ਰਾਂਤੀਕਾਰੀ ਬਦਲਾਅ ਲਿਆਂਦੇ ਜਾ ਰਹੇ ਹਨ। ਨਵੇਂ ਕਲਾਸ ਰੂਮ, ਲੈਬਾਂ ਅਤੇ ਲਾਇਬ੍ਰੇਰੀਆਂ ਬਣਾਈਆਂ ਗਈਆਂ ਹਨ। ਵਿਦਿਆਰਥੀਆਂ ਨੂੰ ਮਿਆਰੀ ਸਿੱਖਿਆ ਮੁਹੱਈਆ ਕਰਵਾਉਣਾ ਸਰਕਾਰ ਦੀ ਪਹਿਲ ਹੈ।
ਲੁਧਿਆਣਾ/ਸਾਹਨੇਵਾਲ, 27 ਮਈ, (ਵਰਿੰਦਰ) ਪੰਜਾਬ ਦੇ ਜੇਲ੍ਹ ਮੰਤਰੀ ਨੇ ਸਰਕਾਰੀ ਸਕੂਲਾਂ ਵਿੱਚ 1.78 ਕਰੋੜ ਰੁਪਏ ਦੀ ਲਾਗਤ ਨਾਲ ਤਿਆਰ ਹੋਏ ਵਿਕਾਸ ਪ੍ਰੋਜੈਕਟ ਲੋਕਾਂ ਨੂੰ ਸਮਰਪਿਤ ਕੀਤੇ। ਇਸ ਮੌਕੇ ਉਨ੍ਹਾਂ ਕਿਹਾ ਕਿ ਸਿੱਖਿਆ ਦੇ ਖੇਤਰ ਵਿੱਚ ਕ੍ਰਾਂਤੀਕਾਰੀ ਬਦਲਾਅ ਲਿਆਂਦੇ ਜਾ ਰਹੇ ਹਨ। ਨਵੇਂ ਕਲਾਸ ਰੂਮ, ਲੈਬਾਂ ਅਤੇ ਲਾਇਬ੍ਰੇਰੀਆਂ ਬਣਾਈਆਂ ਗਈਆਂ ਹਨ। ਵਿਦਿਆਰਥੀਆਂ ਨੂੰ ਮਿਆਰੀ ਸਿੱਖਿਆ ਮੁਹੱਈਆ ਕਰਵਾਉਣਾ ਸਰਕਾਰ ਦੀ ਪਹਿਲ ਹੈ।
ਪ੍ਰੀ ਪ੍ਰਾਇਮਰੀ ਐਸੋਸੀਏਸ਼ਨ ਅਧਿਆਪਕ ਯੂਨੀਅਨ ਜ਼ਿਲ੍ਹਾ ਵੱਲੋਂ ਜ਼ਿਲ੍ਹਾ ਸਿੱਖਿਆ ਅਫ਼ਸਰ ਦਰਸ਼ਨੀਤ ਸਿੰਘ ਨੂੰ ਆਪਣੀਆਂ ਮੰਗਾਂ ਦੇ ਸਬੰਧ ਵਿਚ ਪੱਤਰ ਦਿੱਤਾ ਗਿਆ
ਲੁਧਿਆਣਾ, 27 ਮਈ (ਵਰਿੰਦਰ) ਪ੍ਰੀ ਪ੍ਰਾਇਮਰੀ ਐਸੋਸੀਏਸ਼ਨ ਅਧਿਆਪਕ ਯੂਨੀਅਨ ਦੇ ਵਫ਼ਦ ਨੇ ਜ਼ਿਲ੍ਹਾ ਸਿੱਖਿਆ ਅਫ਼ਸਰ ਨੂੰ ਮਿਲ ਕੇ ਆਪਣੀਆਂ ਮੰਗਾਂ ਸਬੰਧੀ ਮੰਗ ਪੱਤਰ ਸੌਂਪਿਆ। ਯੂਨੀਅਨ ਆਗੂਆਂ ਨੇ ਕਿਹਾ ਕਿ ਲੰਬੇ ਸਮੇਂ ਤੋਂ ਉਨ੍ਹਾਂ ਦੀਆਂ ਜਾਇਜ਼ ਮੰਗਾਂ ਲਟਕ ਰਹੀਆਂ ਹਨ। ਤਨਖਾਹ ਸਕੇਲ ਸੋਧਣ, ਰੈਗੂਲਰ ਕਰਨ ਅਤੇ ਹੋਰ ਭੱਤੇ ਦੇਣ ਦੀ ਮੰਗ ਕੀਤੀ ਗਈ। ਅਧਿਕਾਰੀ ਨੇ ਭਰੋਸਾ ਦਿੱਤਾ ਕਿ ਮੰਗਾਂ ਉੱਚ ਅਧਿਕਾਰੀਆਂ ਤੱਕ ਪਹੁੰਚਾਈਆਂ ਜਾਣਗੀਆਂ।
ਜ਼ਿਲ੍ਹਾ ਸਿੱਖਿਆ ਅਫ਼ਸਰ ਨੂੰ ਮੰਗ ਪੱਤਰ ਦਿੰਦੇ ਹੋਏ ਯੂਨੀਅਨ ਆਗੂ।
ਗੁਰਦੁਆਰਾ ਗੁਰਸਰ ਕਾਉਂਕੇ ਵਿਖੇ ਜੇਠ ਮਹੀਨੇ ਦੀ ਮੱਸਿਆ ਦਾ ਦਿਹਾੜਾ ਉਤਸ਼ਾਹ ਨਾਲ ਮਨਾਇਆ ਗਿਆ
ਗੁਰਦੁਆਰਾ ਗੁਰਸਰ ਕਾਉਂਕੇ ਵਿਖੇ ਕੀਰਤਨ ਕਰਦੇ ਹੋਏ ਰਾਗੀ ਸਿੰਘ।
ਲੁਧਿਆਣਾ, 27 ਮਈ (ਵਰਿੰਦਰ) ਗੁਰਦੁਆਰਾ ਗੁਰਸਰ ਕਾਉਂਕੇ ਵਿਖੇ ਜੇਠ ਮਹੀਨੇ ਦੀ ਮੱਸਿਆ ਦਾ ਦਿਹਾੜਾ ਬੜੀ ਸ਼ਰਧਾ ਅਤੇ ਉਤਸ਼ਾਹ ਨਾਲ ਮਨਾਇਆ ਗਿਆ। ਇਸ ਮੌਕੇ ਦੂਰ-ਦੁਰਾਡੇ ਤੋਂ ਸੰਗਤਾਂ ਨੇ ਪਹੁੰਚ ਕੇ ਗੁਰੂ ਘਰ ਦੀਆਂ ਖੁਸ਼ੀਆਂ ਪ੍ਰਾਪਤ ਕੀਤੀਆਂ।
ਸ੍ਰੀ ਅਖੰਡ ਪਾਠ ਸਾਹਿਬ ਦੇ ਭੋਗ ਉਪਰੰਤ ਰਾਗੀ ਜਥਿਆਂ ਨੇ ਰਸਭਿੰਨਾ ਕੀਰਤਨ ਕੀਤਾ। ਕਥਾਵਾਚਕਾਂ ਨੇ ਗੁਰ ਇਤਿਹਾਸ ਸਰਵਣ ਕਰਵਾਇਆ। ਗੁਰੂ ਕਾ ਲੰਗਰ ਅਤੁੱਟ ਵਰਤਦਾ ਰਿਹਾ।
ਪ੍ਰਬੰਧਕ ਕਮੇਟੀ ਨੇ ਸਮੂਹ ਸੰਗਤਾਂ ਅਤੇ ਸੇਵਾਦਾਰਾਂ ਦਾ ਧੰਨਵਾਦ ਕੀਤਾ। ਉਨ੍ਹਾਂ ਅਗਲੇ ਮਹੀਨੇ ਦੀ ਮੱਸਿਆ 'ਤੇ ਵੀ ਸੰਗਤਾਂ ਨੂੰ ਵੱਧ ਚੜ੍ਹ ਕੇ ਪਹੁੰਚਣ ਦੀ ਅਪੀਲ ਕੀਤੀ।
